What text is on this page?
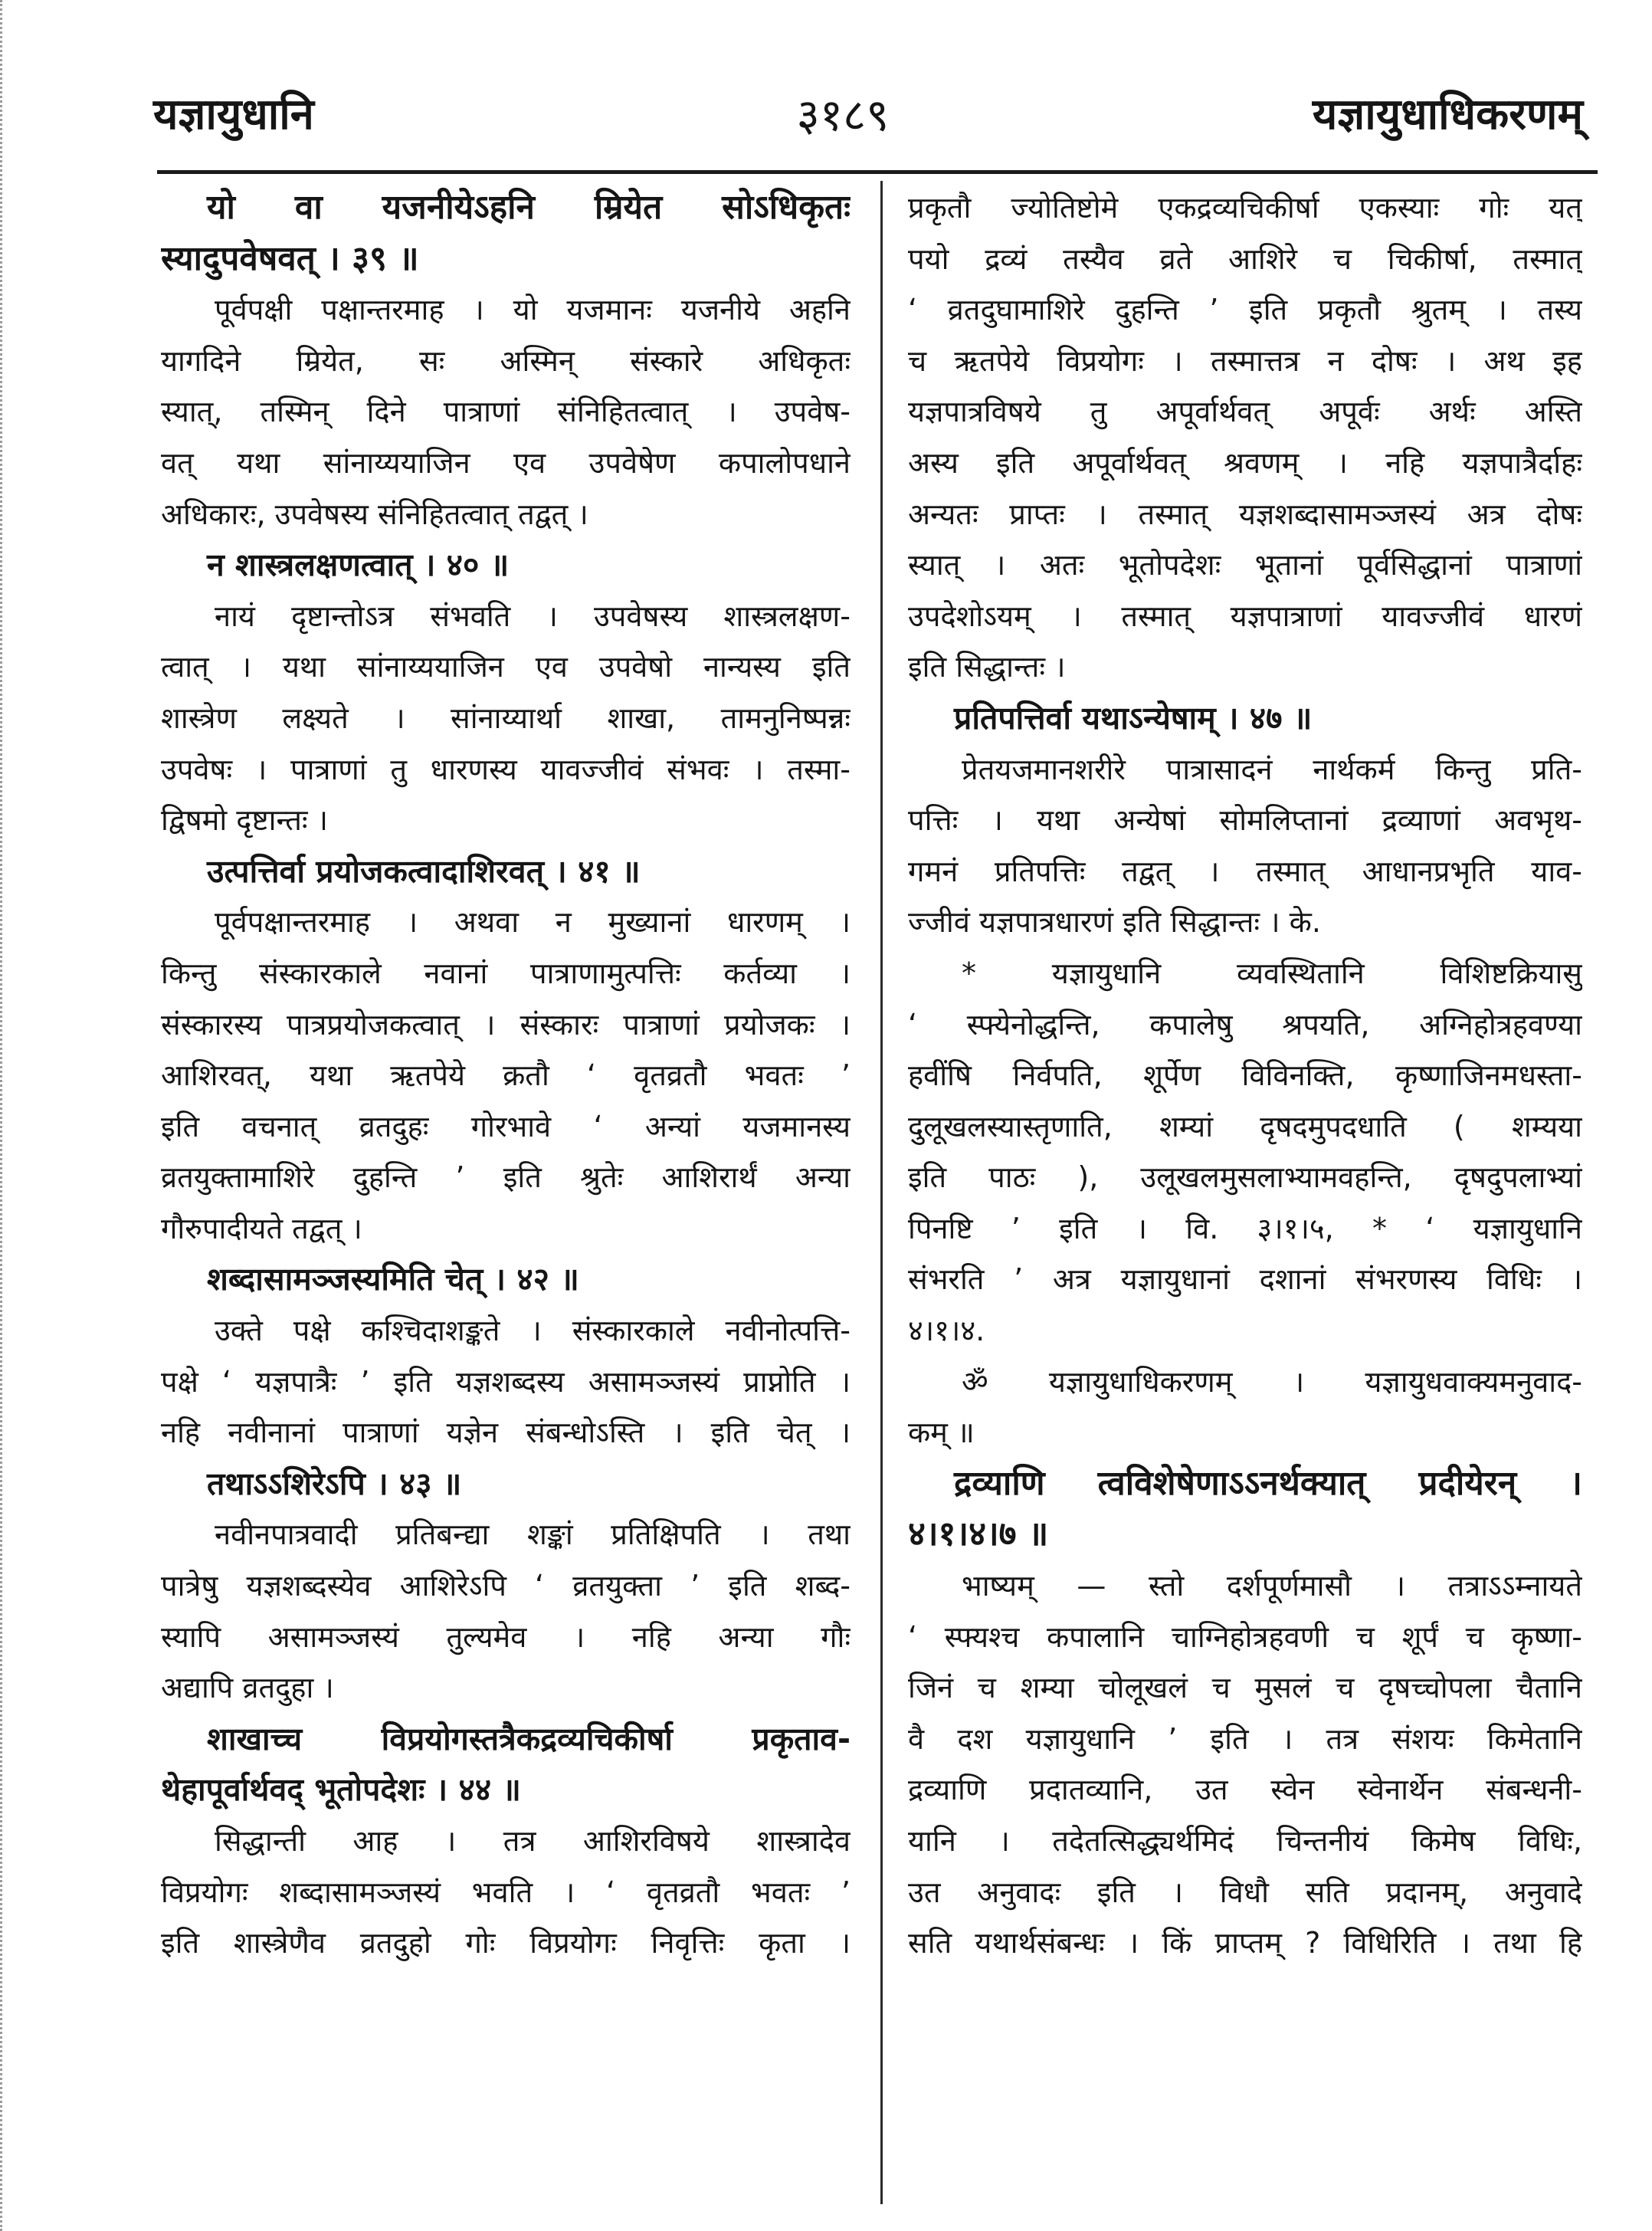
यज्ञायुधानि	३१८९	यज्ञायुधाधिकरणम्
यो वा यजनीयेऽहनि म्रियेत सोऽधिकृतः
स्यादुपवेषवत् । ३९ ॥
पूर्वपक्षी पक्षान्तरमाह । यो यजमानः यजनीये अहनि
यागदिने म्रियेत, सः अस्मिन् संस्कारे अधिकृतः
स्यात्, तस्मिन् दिने पात्राणां संनिहितत्वात् । उपवेष-
वत् यथा सांनाय्ययाजिन एव उपवेषेण कपालोपधाने
अधिकारः, उपवेषस्य संनिहितत्वात् तद्वत् ।
न शास्त्रलक्षणत्वात् । ४० ॥
नायं दृष्टान्तोऽत्र संभवति । उपवेषस्य शास्त्रलक्षण-
त्वात् । यथा सांनाय्ययाजिन एव उपवेषो नान्यस्य इति
शास्त्रेण लक्ष्यते । सांनाय्यार्था शाखा, तामनुनिष्पन्नः
उपवेषः । पात्राणां तु धारणस्य यावज्जीवं संभवः । तस्मा-
द्विषमो दृष्टान्तः ।
उत्पत्तिर्वा प्रयोजकत्वादाशिरवत् । ४१ ॥
पूर्वपक्षान्तरमाह । अथवा न मुख्यानां धारणम् ।
किन्तु संस्कारकाले नवानां पात्राणामुत्पत्तिः कर्तव्या ।
संस्कारस्य पात्रप्रयोजकत्वात् । संस्कारः पात्राणां प्रयोजकः ।
आशिरवत्, यथा ऋतपेये क्रतौ ‘ वृतव्रतौ भवतः ’
इति वचनात् व्रतदुहः गोरभावे ‘ अन्यां यजमानस्य
व्रतयुक्तामाशिरे दुहन्ति ’ इति श्रुतेः आशिरार्थं अन्या
गौरुपादीयते तद्वत् ।
शब्दासामञ्जस्यमिति चेत् । ४२ ॥
उक्ते पक्षे कश्चिदाशङ्कते । संस्कारकाले नवीनोत्पत्ति-
पक्षे ‘ यज्ञपात्रैः ’ इति यज्ञशब्दस्य असामञ्जस्यं प्राप्नोति ।
नहि नवीनानां पात्राणां यज्ञेन संबन्धोऽस्ति । इति चेत् ।
तथाऽऽशिरेऽपि । ४३ ॥
नवीनपात्रवादी प्रतिबन्द्या शङ्कां प्रतिक्षिपति । तथा
पात्रेषु यज्ञशब्दस्येव आशिरेऽपि ‘ व्रतयुक्ता ’ इति शब्द-
स्यापि असामञ्जस्यं तुल्यमेव । नहि अन्या गौः
अद्यापि व्रतदुहा ।
शाखाच्च विप्रयोगस्तत्रैकद्रव्यचिकीर्षा प्रकृताव-
थेहापूर्वार्थवद् भूतोपदेशः । ४४ ॥
सिद्धान्ती आह । तत्र आशिरविषये शास्त्रादेव
विप्रयोगः शब्दासामञ्जस्यं भवति । ‘ वृतव्रतौ भवतः ’
इति शास्त्रेणैव व्रतदुहो गोः विप्रयोगः निवृत्तिः कृता ।
प्रकृतौ ज्योतिष्टोमे एकद्रव्यचिकीर्षा एकस्याः गोः यत्
पयो द्रव्यं तस्यैव व्रते आशिरे च चिकीर्षा, तस्मात्
‘ व्रतदुघामाशिरे दुहन्ति ’ इति प्रकृतौ श्रुतम् । तस्य
च ऋतपेये विप्रयोगः । तस्मात्तत्र न दोषः । अथ इह
यज्ञपात्रविषये तु अपूर्वार्थवत् अपूर्वः अर्थः अस्ति
अस्य इति अपूर्वार्थवत् श्रवणम् । नहि यज्ञपात्रैर्दाहः
अन्यतः प्राप्तः । तस्मात् यज्ञशब्दासामञ्जस्यं अत्र दोषः
स्यात् । अतः भूतोपदेशः भूतानां पूर्वसिद्धानां पात्राणां
उपदेशोऽयम् । तस्मात् यज्ञपात्राणां यावज्जीवं धारणं
इति सिद्धान्तः ।
प्रतिपत्तिर्वा यथाऽन्येषाम् । ४७ ॥
प्रेतयजमानशरीरे पात्रासादनं नार्थकर्म किन्तु प्रति-
पत्तिः । यथा अन्येषां सोमलिप्तानां द्रव्याणां अवभृथ-
गमनं प्रतिपत्तिः तद्वत् । तस्मात् आधानप्रभृति याव-
ज्जीवं यज्ञपात्रधारणं इति सिद्धान्तः । के.
* यज्ञायुधानि व्यवस्थितानि विशिष्टक्रियासु
‘ स्फ्येनोद्धन्ति, कपालेषु श्रपयति, अग्निहोत्रहवण्या
हवींषि निर्वपति, शूर्पेण विविनक्ति, कृष्णाजिनमधस्ता-
दुलूखलस्यास्तृणाति, शम्यां दृषदमुपदधाति ( शम्यया
इति पाठः ), उलूखलमुसलाभ्यामवहन्ति, दृषदुपलाभ्यां
पिनष्टि ’ इति । वि. ३।१।५, * ‘ यज्ञायुधानि
संभरति ’ अत्र यज्ञायुधानां दशानां संभरणस्य विधिः ।
४।१।४.
ॐ यज्ञायुधाधिकरणम् । यज्ञायुधवाक्यमनुवाद-
कम् ॥
द्रव्याणि त्वविशेषेणाऽऽनर्थक्यात् प्रदीयेरन् ।
४।१।४।७ ॥
भाष्यम् — स्तो दर्शपूर्णमासौ । तत्राऽऽम्नायते
‘ स्फ्यश्च कपालानि चाग्निहोत्रहवणी च शूर्पं च कृष्णा-
जिनं च शम्या चोलूखलं च मुसलं च दृषच्चोपला चैतानि
वै दश यज्ञायुधानि ’ इति । तत्र संशयः किमेतानि
द्रव्याणि प्रदातव्यानि, उत स्वेन स्वेनार्थेन संबन्धनी-
यानि । तदेतत्सिद्ध्यर्थमिदं चिन्तनीयं किमेष विधिः,
उत अनुवादः इति । विधौ सति प्रदानम्, अनुवादे
सति यथार्थसंबन्धः । किं प्राप्तम् ? विधिरिति । तथा हि
